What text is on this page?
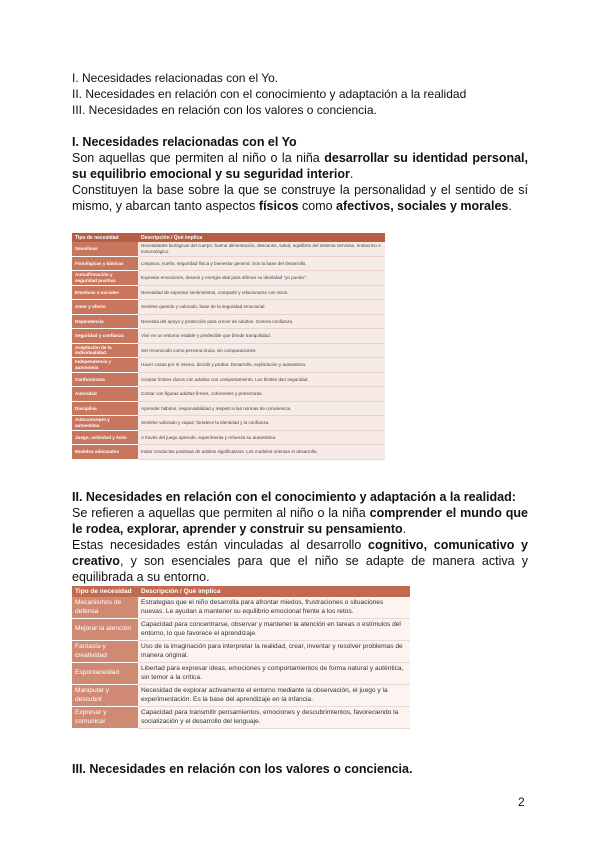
I. Necesidades relacionadas con el Yo.
II. Necesidades en relación con el conocimiento y adaptación a la realidad
III. Necesidades en relación con los valores o conciencia.
I. Necesidades relacionadas con el Yo

Son aquellas que permiten al niño o la niña desarrollar su identidad personal, su equilibrio emocional y su seguridad interior.

Constituyen la base sobre la que se construye la personalidad y el sentido de sí mismo, y abarcan tanto aspectos físicos como afectivos, sociales y morales.

Tipo de necesidad	Descripción / Qué implica
Sensitivas	Necesidades biológicas del cuerpo: buena alimentación, descanso, salud, equilibrio del sistema nervioso, endocrino e inmunológico.
Fisiológicas y básicas	Limpieza, sueño, seguridad física y bienestar general. Son la base del desarrollo.
Autoafirmación y seguridad positiva	Expresar emociones, deseos y energía vital para afirmar su identidad "yo puedo".
Emotivas o sociales	Necesidad de expresar sentimientos, compartir y relacionarse con otros.
Amor y afecto	Sentirse querido y valorado, base de la seguridad emocional.
Dependencia	Necesita del apoyo y protección para crecer de adultos. Genera confianza.
Seguridad y confianza	Vivir en un entorno estable y predecible que brinde tranquilidad.
Aceptación de la individualidad	Ser reconocido como persona única, sin comparaciones.
Independencia y autonomía	Hacer cosas por sí mismo, decidir y probar. Desarrollo, exploración y autoestima.
Conformismo	Aceptar límites claros con adultos con comportamiento. Los límites dan seguridad.
Autoridad	Contar con figuras adultas firmes, coherentes y protectoras.
Disciplina	Aprender hábitos, responsabilidad y respeto a las normas de convivencia.
Autoconcepto y autoestima	Sentirse valorado y capaz; fortalece la identidad y la confianza.
Juego, actividad y éxito	A través del juego aprende, experimenta y refuerza su autoestima.
Modelos adecuados	Imitar conductas positivas de adultos significativos. Los modelos orientan el desarrollo.
II. Necesidades en relación con el conocimiento y adaptación a la realidad:

Se refieren a aquellas que permiten al niño o la niña comprender el mundo que le rodea, explorar, aprender y construir su pensamiento.

Estas necesidades están vinculadas al desarrollo cognitivo, comunicativo y creativo, y son esenciales para que el niño se adapte de manera activa y equilibrada a su entorno.

Tipo de necesidad	Descripción / Qué implica
Mecanismos de defensa	Estrategias que el niño desarrolla para afrontar miedos, frustraciones o situaciones nuevas. Le ayudan a mantener su equilibrio emocional frente a los retos.
Mejorar la atención	Capacidad para concentrarse, observar y mantener la atención en tareas o estímulos del entorno, lo que favorece el aprendizaje.
Fantasía y creatividad	Uso de la imaginación para interpretar la realidad, crear, inventar y resolver problemas de manera original.
Espontaneidad	Libertad para expresar ideas, emociones y comportamientos de forma natural y auténtica, sin temor a la crítica.
Manipular y descubrir	Necesidad de explorar activamente el entorno mediante la observación, el juego y la experimentación. Es la base del aprendizaje en la infancia.
Expresar y comunicar	Capacidad para transmitir pensamientos, emociones y descubrimientos, favoreciendo la socialización y el desarrollo del lenguaje.
III. Necesidades en relación con los valores o conciencia.
2
